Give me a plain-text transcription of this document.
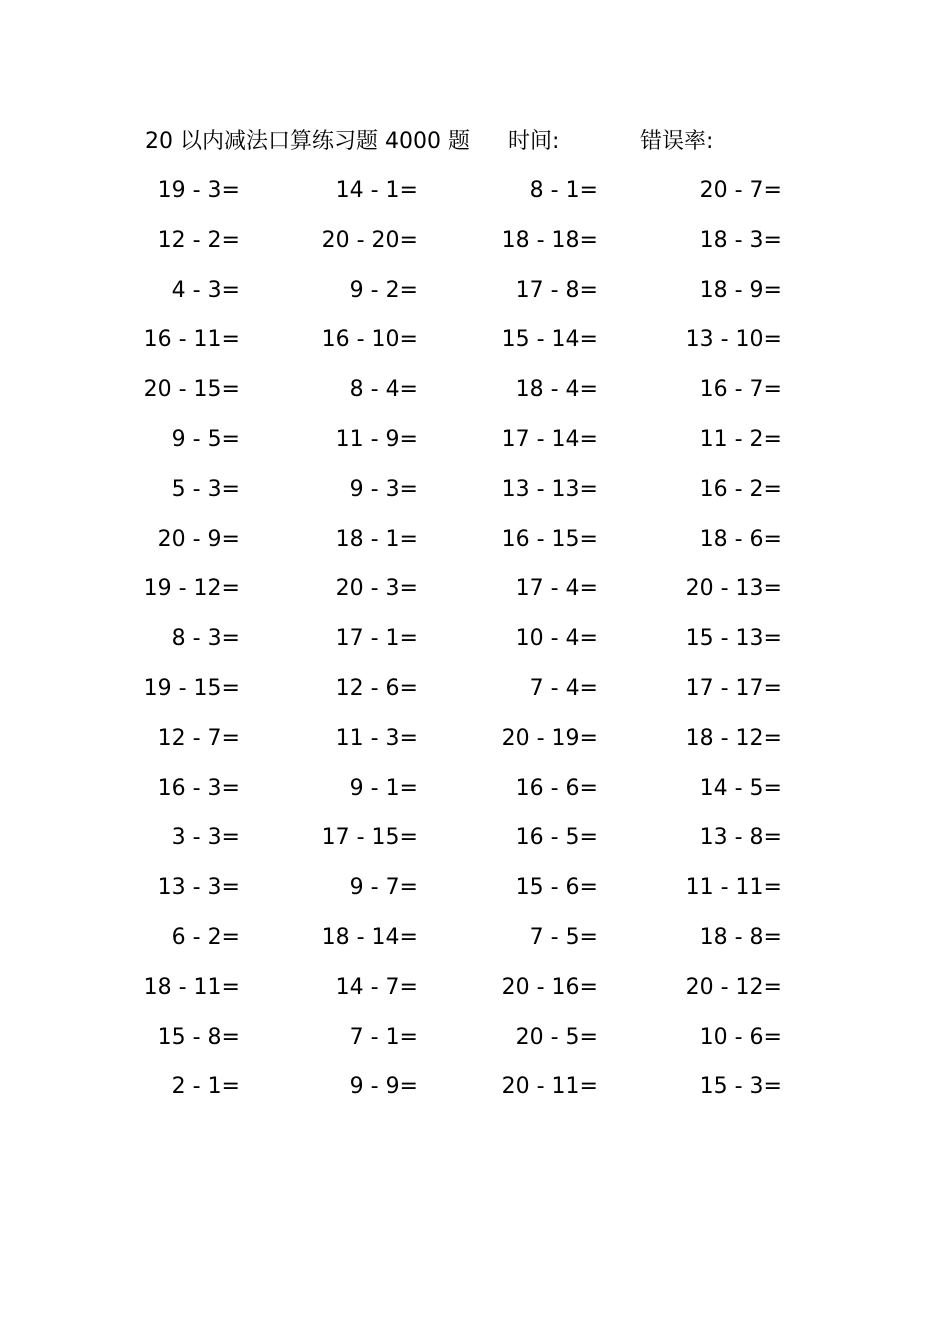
20 以内减法口算练习题 4000 题 时间:	错误率:
19 - 3=	14 - 1=	8 - 1=	20 - 7=
12 - 2=	20 - 20=	18 - 18=	18 - 3=
4 - 3=	9 - 2=	17 - 8=	18 - 9=
16 - 11=	16 - 10=	15 - 14=	13 - 10=
20 - 15=	8 - 4=	18 - 4=	16 - 7=
9 - 5=	11 - 9=	17 - 14=	11 - 2=
5 - 3=	9 - 3=	13 - 13=	16 - 2=
20 - 9=	18 - 1=	16 - 15=	18 - 6=
19 - 12=	20 - 3=	17 - 4=	20 - 13=
8 - 3=	17 - 1=	10 - 4=	15 - 13=
19 - 15=	12 - 6=	7 - 4=	17 - 17=
12 - 7=	11 - 3=	20 - 19=	18 - 12=
16 - 3=	9 - 1=	16 - 6=	14 - 5=
3 - 3=	17 - 15=	16 - 5=	13 - 8=
13 - 3=	9 - 7=	15 - 6=	11 - 11=
6 - 2=	18 - 14=	7 - 5=	18 - 8=
18 - 11=	14 - 7=	20 - 16=	20 - 12=
15 - 8=	7 - 1=	20 - 5=	10 - 6=
2 - 1=	9 - 9=	20 - 11=	15 - 3=
